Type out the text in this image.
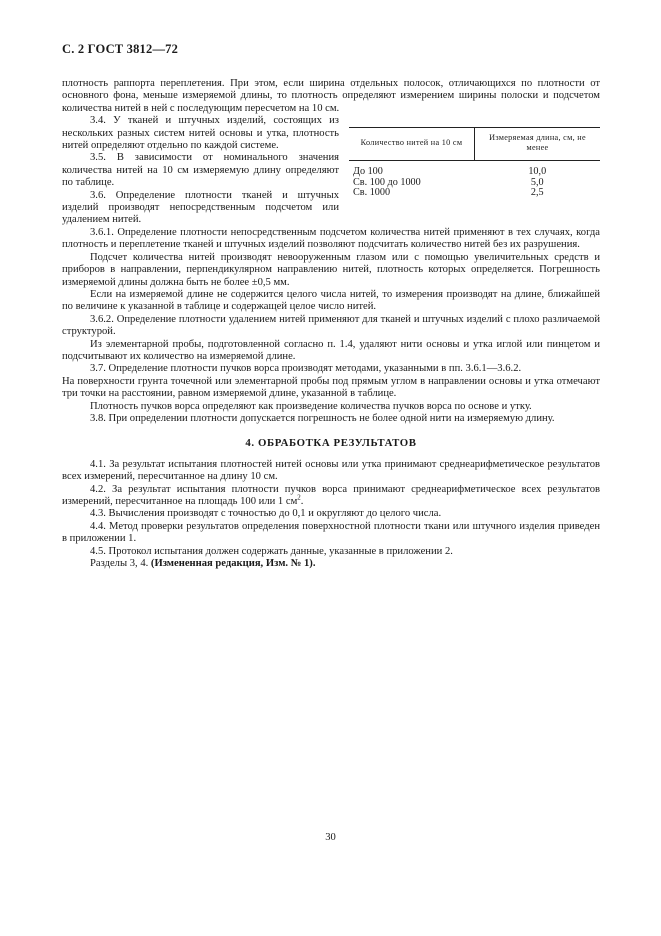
С. 2 ГОСТ 3812—72

плотность раппорта переплетения. При этом, если ширина отдельных полосок, отличающихся по плотности от основного фона, меньше измеряемой длины, то плотность определяют измерением ширины полоски и подсчетом количества нитей в ней с последующим пересчетом на 10 см.

Количество нитей на 10 см	Измеряемая длина, см, не менее
До 100	10,0
Св. 100 до 1000	5,0
Св. 1000	2,5

3.4. У тканей и штучных изделий, состоящих из нескольких разных систем нитей основы и утка, плотность нитей определяют отдельно по каждой системе.

3.5. В зависимости от номинального значения количества нитей на 10 см измеряемую длину определяют по таблице.

3.6. Определение плотности тканей и штучных изделий производят непосредственным подсчетом или удалением нитей.

3.6.1. Определение плотности непосредственным подсчетом количества нитей применяют в тех случаях, когда плотность и переплетение тканей и штучных изделий позволяют подсчитать количество нитей без их разрушения.

Подсчет количества нитей производят невооруженным глазом или с помощью увеличительных средств и приборов в направлении, перпендикулярном направлению нитей, плотность которых определяется. Погрешность измеряемой длины должна быть не более ±0,5 мм.

Если на измеряемой длине не содержится целого числа нитей, то измерения производят на длине, ближайшей по величине к указанной в таблице и содержащей целое число нитей.

3.6.2. Определение плотности удалением нитей применяют для тканей и штучных изделий с плохо различаемой структурой.

Из элементарной пробы, подготовленной согласно п. 1.4, удаляют нити основы и утка иглой или пинцетом и подсчитывают их количество на измеряемой длине.

3.7. Определение плотности пучков ворса производят методами, указанными в пп. 3.6.1—3.6.2.

На поверхности грунта точечной или элементарной пробы под прямым углом в направлении основы и утка отмечают три точки на расстоянии, равном измеряемой длине, указанной в таблице.

Плотность пучков ворса определяют как произведение количества пучков ворса по основе и утку.

3.8. При определении плотности допускается погрешность не более одной нити на измеряемую длину.

4. ОБРАБОТКА РЕЗУЛЬТАТОВ

4.1. За результат испытания плотностей нитей основы или утка принимают среднеарифметическое результатов всех измерений, пересчитанное на длину 10 см.

4.2. За результат испытания плотности пучков ворса принимают среднеарифметическое всех результатов измерений, пересчитанное на площадь 100 или 1 $см^2$.

4.3. Вычисления производят с точностью до 0,1 и округляют до целого числа.

4.4. Метод проверки результатов определения поверхностной плотности ткани или штучного изделия приведен в приложении 1.

4.5. Протокол испытания должен содержать данные, указанные в приложении 2.

Разделы 3, 4. (Измененная редакция, Изм. № 1).

30
